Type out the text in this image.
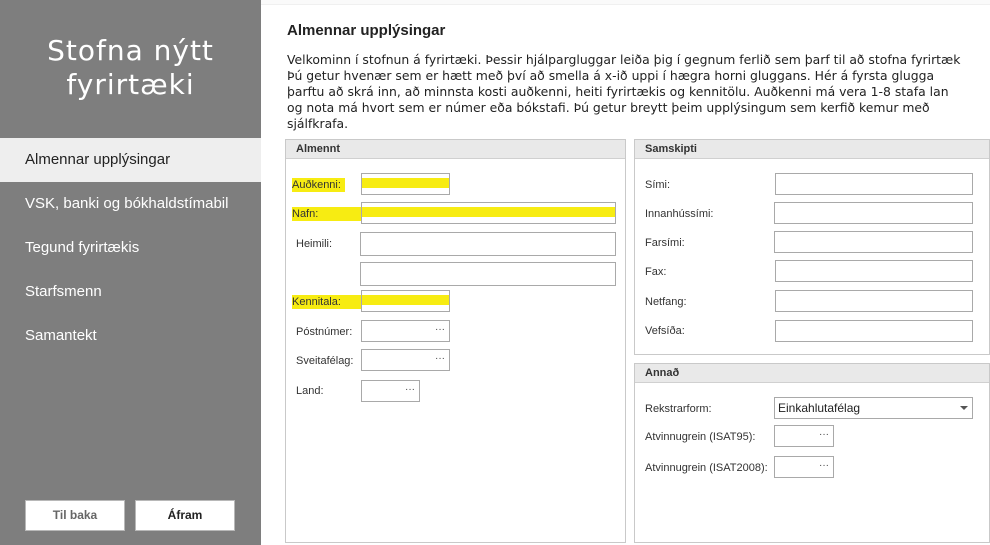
Stofna nýtt
fyrirtæki
Almennar upplýsingar
VSK, banki og bókhaldstímabil
Tegund fyrirtækis
Starfsmenn
Samantekt
Til baka	Áfram
Almennar upplýsingar
Velkominn í stofnun á fyrirtæki. Þessir hjálpargluggar leiða þig í gegnum ferlið sem þarf til að stofna fyrirtæk
Þú getur hvenær sem er hætt með því að smella á x-ið uppi í hægra horni gluggans. Hér á fyrsta glugga
þarftu að skrá inn, að minnsta kosti auðkenni, heiti fyrirtækis og kennitölu. Auðkenni má vera 1-8 stafa lan
og nota má hvort sem er númer eða bókstafi. Þú getur breytt þeim upplýsingum sem kerfið kemur með
sjálfkrafa.
Almennt
Auðkenni:
Nafn:
Heimili:
Kennitala:
Póstnúmer:	···
Sveitafélag:	···
Land:	···
Samskipti
Sími:
Innanhússími:
Farsími:
Fax:
Netfang:
Vefsíða:
Annað
Rekstrarform:	Einkahlutafélag
Atvinnugrein (ISAT95):	···
Atvinnugrein (ISAT2008):	···
